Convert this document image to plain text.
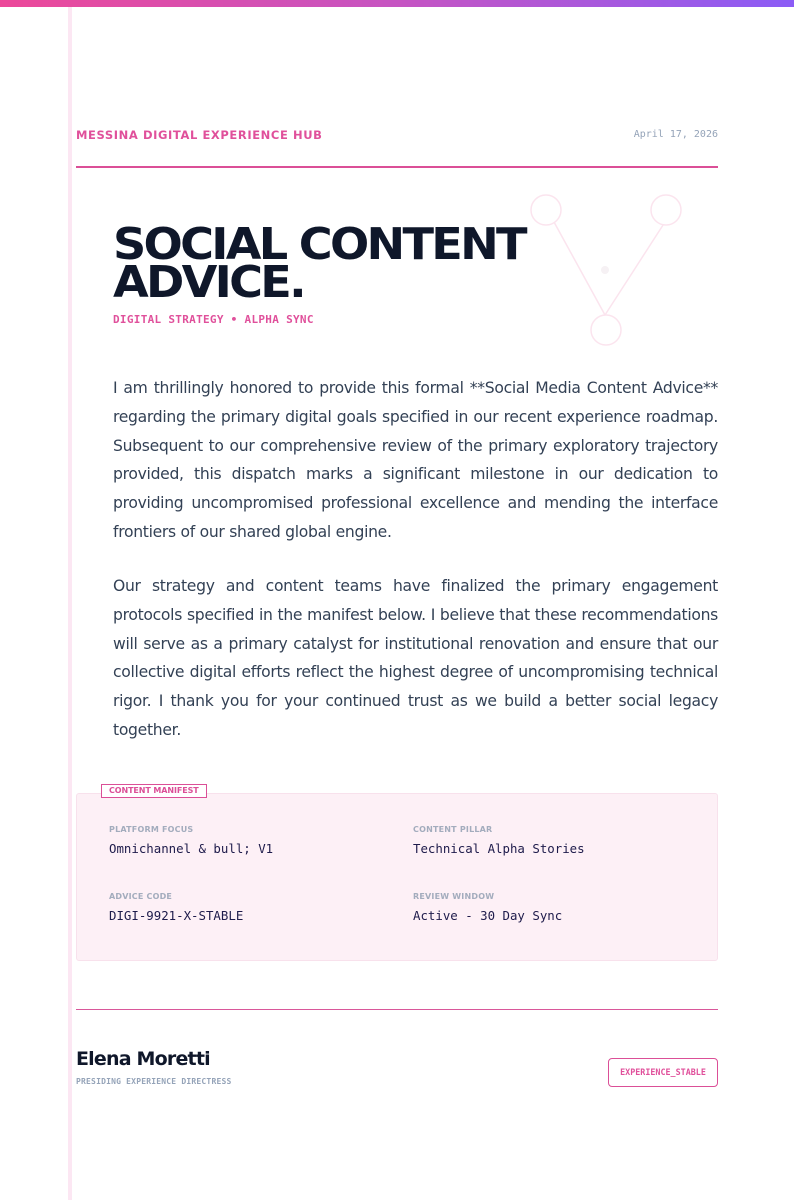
MESSINA DIGITAL EXPERIENCE HUB	April 17, 2026
SOCIAL CONTENT
ADVICE.
DIGITAL STRATEGY • ALPHA SYNC

I am thrillingly honored to provide this formal **Social Media Content Advice** regarding the primary digital goals specified in our recent experience roadmap. Subsequent to our comprehensive review of the primary exploratory trajectory provided, this dispatch marks a significant milestone in our dedication to providing uncompromised professional excellence and mending the interface frontiers of our shared global engine.

Our strategy and content teams have finalized the primary engagement protocols specified in the manifest below. I believe that these recommendations will serve as a primary catalyst for institutional renovation and ensure that our collective digital efforts reflect the highest degree of uncompromising technical rigor. I thank you for your continued trust as we build a better social legacy together.

PLATFORM FOCUS
Omnichannel & bull; V1
CONTENT PILLAR
Technical Alpha Stories
ADVICE CODE
DIGI-9921-X-STABLE
REVIEW WINDOW
Active - 30 Day Sync
CONTENT MANIFEST
Elena Moretti
PRESIDING EXPERIENCE DIRECTRESS
EXPERIENCE_STABLE
